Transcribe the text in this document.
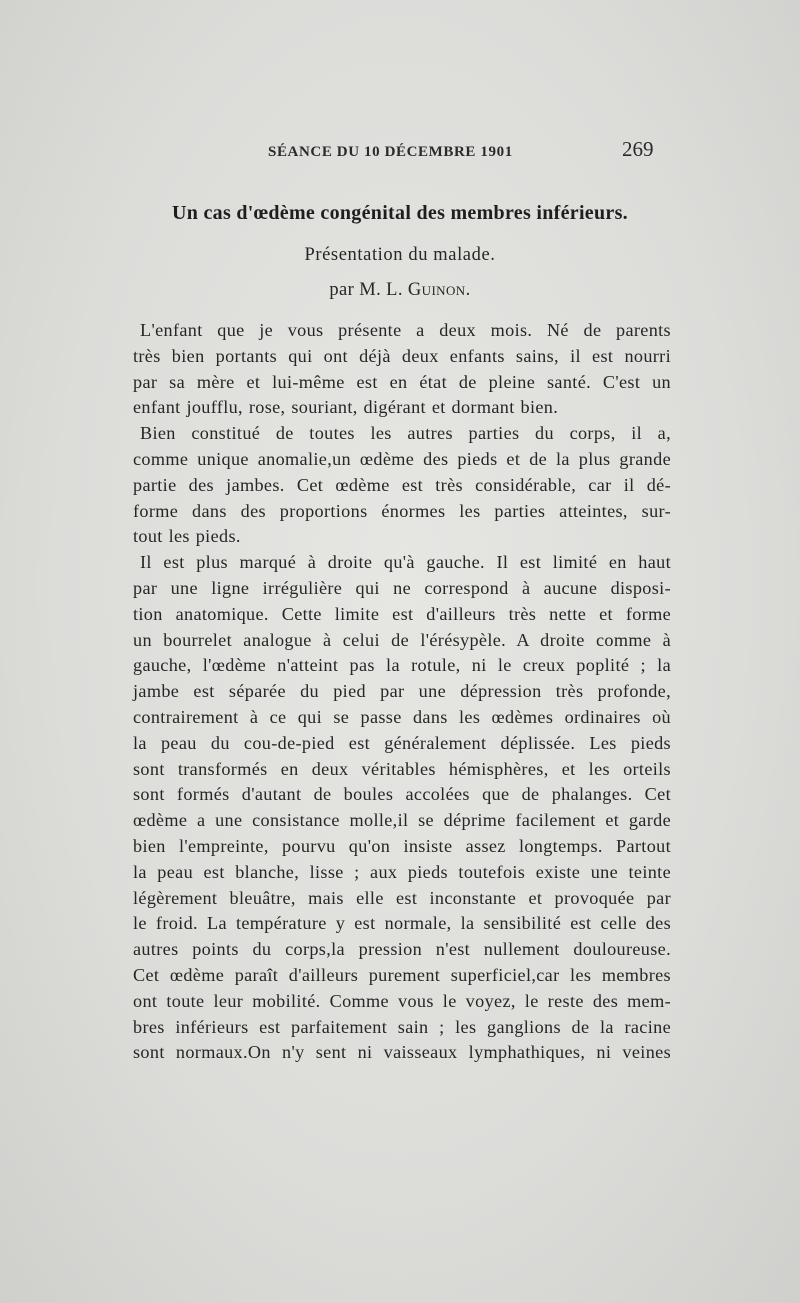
SÉANCE DU 10 DÉCEMBRE 1901	269
Un cas d'œdème congénital des membres inférieurs.
Présentation du malade.
par M. L. Guinon.
L'enfant que je vous présente a deux mois. Né de parents
très bien portants qui ont déjà deux enfants sains, il est nourri
par sa mère et lui-même est en état de pleine santé. C'est un
enfant joufflu, rose, souriant, digérant et dormant bien.
Bien constitué de toutes les autres parties du corps, il a,
comme unique anomalie,un œdème des pieds et de la plus grande
partie des jambes. Cet œdème est très considérable, car il dé-
forme dans des proportions énormes les parties atteintes, sur-
tout les pieds.
Il est plus marqué à droite qu'à gauche. Il est limité en haut
par une ligne irrégulière qui ne correspond à aucune disposi-
tion anatomique. Cette limite est d'ailleurs très nette et forme
un bourrelet analogue à celui de l'érésypèle. A droite comme à
gauche, l'œdème n'atteint pas la rotule, ni le creux poplité ; la
jambe est séparée du pied par une dépression très profonde,
contrairement à ce qui se passe dans les œdèmes ordinaires où
la peau du cou-de-pied est généralement déplissée. Les pieds
sont transformés en deux véritables hémisphères, et les orteils
sont formés d'autant de boules accolées que de phalanges. Cet
œdème a une consistance molle,il se déprime facilement et garde
bien l'empreinte, pourvu qu'on insiste assez longtemps. Partout
la peau est blanche, lisse ; aux pieds toutefois existe une teinte
légèrement bleuâtre, mais elle est inconstante et provoquée par
le froid. La température y est normale, la sensibilité est celle des
autres points du corps,la pression n'est nullement douloureuse.
Cet œdème paraît d'ailleurs purement superficiel,car les membres
ont toute leur mobilité. Comme vous le voyez, le reste des mem-
bres inférieurs est parfaitement sain ; les ganglions de la racine
sont normaux.On n'y sent ni vaisseaux lymphathiques, ni veines
